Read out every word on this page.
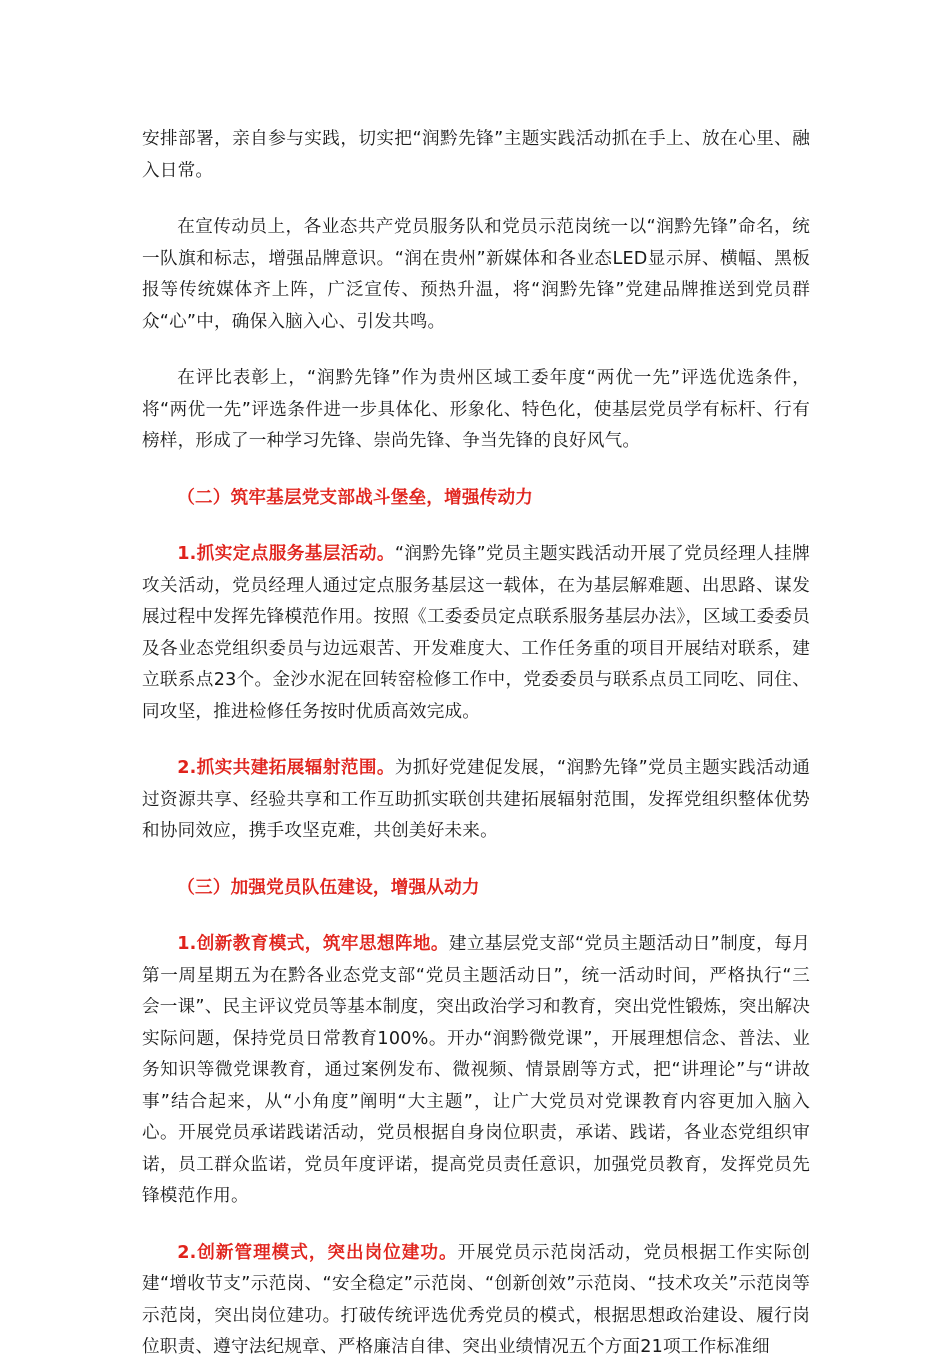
安排部署，亲自参与实践，切实把“润黔先锋”主题实践活动抓在手上、放在心里、融入日常。

在宣传动员上，各业态共产党员服务队和党员示范岗统一以“润黔先锋”命名，统一队旗和标志，增强品牌意识。“润在贵州”新媒体和各业态LED显示屏、横幅、黑板报等传统媒体齐上阵，广泛宣传、预热升温，将“润黔先锋”党建品牌推送到党员群众“心”中，确保入脑入心、引发共鸣。

在评比表彰上，“润黔先锋”作为贵州区域工委年度“两优一先”评选优选条件，将“两优一先”评选条件进一步具体化、形象化、特色化，使基层党员学有标杆、行有榜样，形成了一种学习先锋、崇尚先锋、争当先锋的良好风气。

（二）筑牢基层党支部战斗堡垒，增强传动力

1.抓实定点服务基层活动。“润黔先锋”党员主题实践活动开展了党员经理人挂牌攻关活动，党员经理人通过定点服务基层这一载体，在为基层解难题、出思路、谋发展过程中发挥先锋模范作用。按照《工委委员定点联系服务基层办法》，区域工委委员及各业态党组织委员与边远艰苦、开发难度大、工作任务重的项目开展结对联系，建立联系点23个。金沙水泥在回转窑检修工作中，党委委员与联系点员工同吃、同住、同攻坚，推进检修任务按时优质高效完成。

2.抓实共建拓展辐射范围。为抓好党建促发展，“润黔先锋”党员主题实践活动通过资源共享、经验共享和工作互助抓实联创共建拓展辐射范围，发挥党组织整体优势和协同效应，携手攻坚克难，共创美好未来。

（三）加强党员队伍建设，增强从动力

1.创新教育模式，筑牢思想阵地。建立基层党支部“党员主题活动日”制度，每月第一周星期五为在黔各业态党支部“党员主题活动日”，统一活动时间，严格执行“三会一课”、民主评议党员等基本制度，突出政治学习和教育，突出党性锻炼，突出解决实际问题，保持党员日常教育100%。开办“润黔微党课”，开展理想信念、普法、业务知识等微党课教育，通过案例发布、微视频、情景剧等方式，把“讲理论”与“讲故事”结合起来，从“小角度”阐明“大主题”，让广大党员对党课教育内容更加入脑入心。开展党员承诺践诺活动，党员根据自身岗位职责，承诺、践诺，各业态党组织审诺，员工群众监诺，党员年度评诺，提高党员责任意识，加强党员教育，发挥党员先锋模范作用。

2.创新管理模式，突出岗位建功。开展党员示范岗活动，党员根据工作实际创建“增收节支”示范岗、“安全稳定”示范岗、“创新创效”示范岗、“技术攻关”示范岗等示范岗，突出岗位建功。打破传统评选优秀党员的模式，根据思想政治建设、履行岗位职责、遵守法纪规章、严格廉洁自律、突出业绩情况五个方面21项工作标准细
